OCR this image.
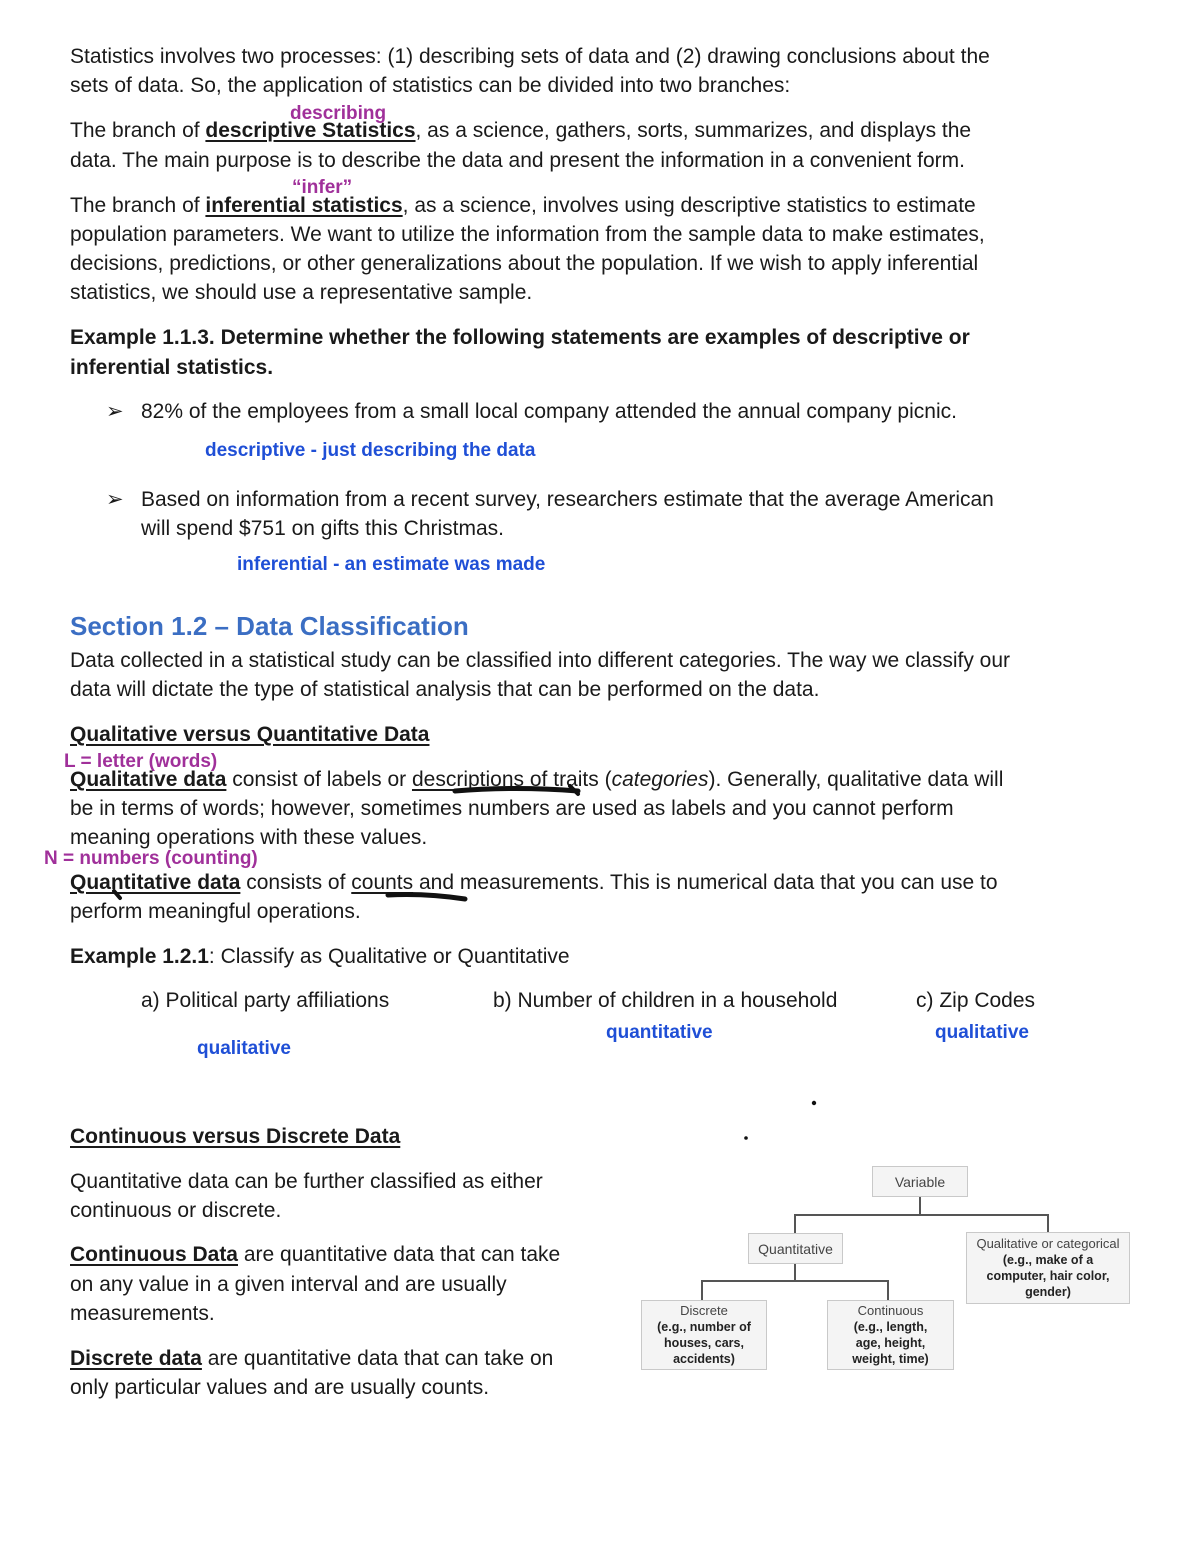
Statistics involves two processes: (1) describing sets of data and (2) drawing conclusions about the
sets of data. So, the application of statistics can be divided into two branches:
describing
The branch of descriptive Statistics, as a science, gathers, sorts, summarizes, and displays the
data. The main purpose is to describe the data and present the information in a convenient form.
“infer”
The branch of inferential statistics, as a science, involves using descriptive statistics to estimate
population parameters. We want to utilize the information from the sample data to make estimates,
decisions, predictions, or other generalizations about the population. If we wish to apply inferential
statistics, we should use a representative sample.
Example 1.1.3. Determine whether the following statements are examples of descriptive or
inferential statistics.
➢ 82% of the employees from a small local company attended the annual company picnic.
descriptive - just describing the data
➢ Based on information from a recent survey, researchers estimate that the average American
will spend $751 on gifts this Christmas.
inferential - an estimate was made
Section 1.2 – Data Classification
Data collected in a statistical study can be classified into different categories. The way we classify our
data will dictate the type of statistical analysis that can be performed on the data.
Qualitative versus Quantitative Data
L = letter (words)
Qualitative data consist of labels or descriptions of traits (categories). Generally, qualitative data will
be in terms of words; however, sometimes numbers are used as labels and you cannot perform
meaning operations with these values.
N = numbers (counting)
Quantitative data consists of counts and measurements. This is numerical data that you can use to
perform meaningful operations.
Example 1.2.1: Classify as Qualitative or Quantitative
a) Political party affiliations	b) Number of children in a household	c) Zip Codes
qualitative
quantitative	qualitative
Continuous versus Discrete Data
Quantitative data can be further classified as either
continuous or discrete.
Continuous Data are quantitative data that can take
on any value in a given interval and are usually
measurements.
Discrete data are quantitative data that can take on
only particular values and are usually counts.
Variable
Quantitative	Qualitative or categorical
(e.g., make of a computer, hair color, gender)
Discrete
(e.g., number of houses, cars, accidents)
Continuous
(e.g., length, age, height, weight, time)
